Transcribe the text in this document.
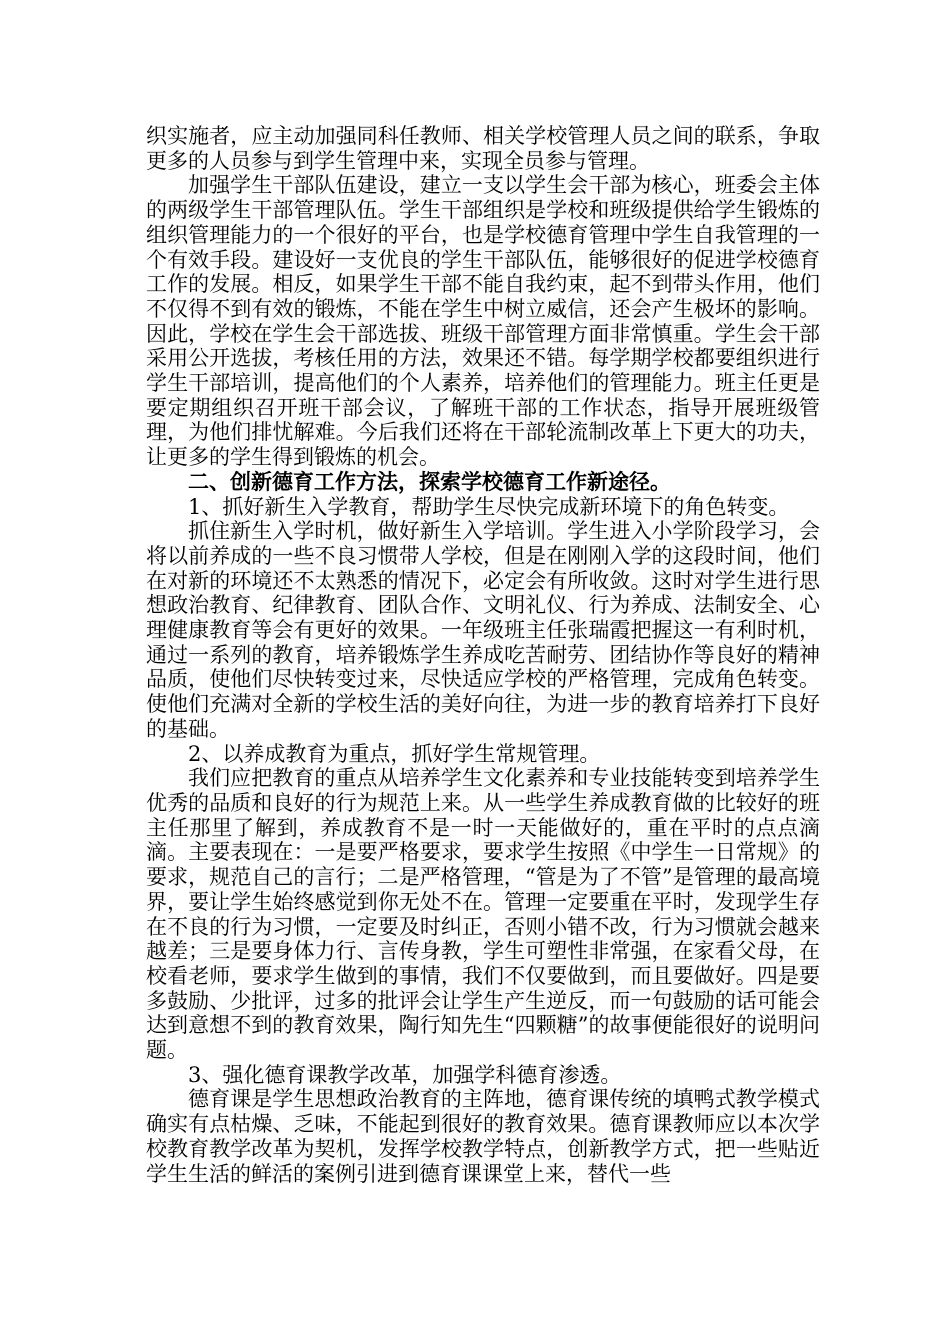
织实施者，应主动加强同科任教师、相关学校管理人员之间的联系，争取更多的人员参与到学生管理中来，实现全员参与管理。

加强学生干部队伍建设，建立一支以学生会干部为核心，班委会主体的两级学生干部管理队伍。学生干部组织是学校和班级提供给学生锻炼的组织管理能力的一个很好的平台，也是学校德育管理中学生自我管理的一个有效手段。建设好一支优良的学生干部队伍，能够很好的促进学校德育工作的发展。相反，如果学生干部不能自我约束，起不到带头作用，他们不仅得不到有效的锻炼，不能在学生中树立威信，还会产生极坏的影响。因此，学校在学生会干部选拔、班级干部管理方面非常慎重。学生会干部采用公开选拔，考核任用的方法，效果还不错。每学期学校都要组织进行学生干部培训，提高他们的个人素养，培养他们的管理能力。班主任更是要定期组织召开班干部会议，了解班干部的工作状态，指导开展班级管理，为他们排忧解难。今后我们还将在干部轮流制改革上下更大的功夫，让更多的学生得到锻炼的机会。

二、创新德育工作方法，探索学校德育工作新途径。

1、抓好新生入学教育，帮助学生尽快完成新环境下的角色转变。

抓住新生入学时机，做好新生入学培训。学生进入小学阶段学习，会将以前养成的一些不良习惯带人学校，但是在刚刚入学的这段时间，他们在对新的环境还不太熟悉的情况下，必定会有所收敛。这时对学生进行思想政治教育、纪律教育、团队合作、文明礼仪、行为养成、法制安全、心理健康教育等会有更好的效果。一年级班主任张瑞霞把握这一有利时机，通过一系列的教育，培养锻炼学生养成吃苦耐劳、团结协作等良好的精神品质，使他们尽快转变过来，尽快适应学校的严格管理，完成角色转变。使他们充满对全新的学校生活的美好向往，为进一步的教育培养打下良好的基础。

2、以养成教育为重点，抓好学生常规管理。

我们应把教育的重点从培养学生文化素养和专业技能转变到培养学生优秀的品质和良好的行为规范上来。从一些学生养成教育做的比较好的班主任那里了解到，养成教育不是一时一天能做好的，重在平时的点点滴滴。主要表现在：一是要严格要求，要求学生按照《中学生一日常规》的要求，规范自己的言行；二是严格管理，“管是为了不管”是管理的最高境界，要让学生始终感觉到你无处不在。管理一定要重在平时，发现学生存在不良的行为习惯，一定要及时纠正，否则小错不改，行为习惯就会越来越差；三是要身体力行、言传身教，学生可塑性非常强，在家看父母，在校看老师，要求学生做到的事情，我们不仅要做到，而且要做好。四是要多鼓励、少批评，过多的批评会让学生产生逆反，而一句鼓励的话可能会达到意想不到的教育效果，陶行知先生“四颗糖”的故事便能很好的说明问题。

3、强化德育课教学改革，加强学科德育渗透。

德育课是学生思想政治教育的主阵地，德育课传统的填鸭式教学模式确实有点枯燥、乏味，不能起到很好的教育效果。德育课教师应以本次学校教育教学改革为契机，发挥学校教学特点，创新教学方式，把一些贴近学生生活的鲜活的案例引进到德育课课堂上来，替代一些
